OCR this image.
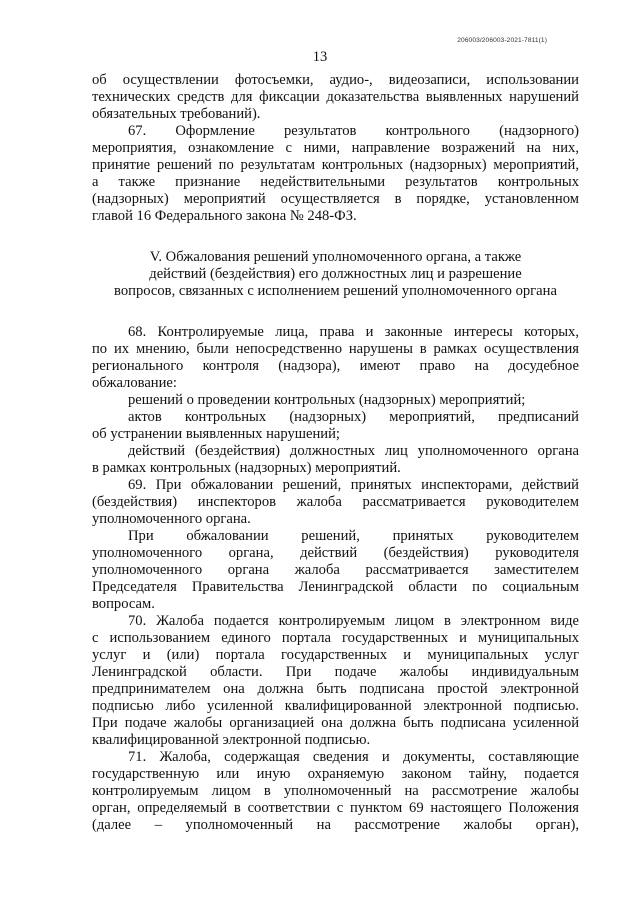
206003/206003-2021-7811(1)
13
об осуществлении фотосъемки, аудио-, видеозаписи, использовании
технических средств для фиксации доказательства выявленных нарушений
обязательных требований).
67. Оформление результатов контрольного (надзорного)
мероприятия, ознакомление с ними, направление возражений на них,
принятие решений по результатам контрольных (надзорных) мероприятий,
а также признание недействительными результатов контрольных
(надзорных) мероприятий осуществляется в порядке, установленном
главой 16 Федерального закона № 248-ФЗ.
V. Обжалования решений уполномоченного органа, а также
действий (бездействия) его должностных лиц и разрешение
вопросов, связанных с исполнением решений уполномоченного органа
68. Контролируемые лица, права и законные интересы которых,
по их мнению, были непосредственно нарушены в рамках осуществления
регионального контроля (надзора), имеют право на досудебное
обжалование:
решений о проведении контрольных (надзорных) мероприятий;
актов контрольных (надзорных) мероприятий, предписаний
об устранении выявленных нарушений;
действий (бездействия) должностных лиц уполномоченного органа
в рамках контрольных (надзорных) мероприятий.
69. При обжаловании решений, принятых инспекторами, действий
(бездействия) инспекторов жалоба рассматривается руководителем
уполномоченного органа.
При обжаловании решений, принятых руководителем
уполномоченного органа, действий (бездействия) руководителя
уполномоченного органа жалоба рассматривается заместителем
Председателя Правительства Ленинградской области по социальным
вопросам.
70. Жалоба подается контролируемым лицом в электронном виде
с использованием единого портала государственных и муниципальных
услуг и (или) портала государственных и муниципальных услуг
Ленинградской области. При подаче жалобы индивидуальным
предпринимателем она должна быть подписана простой электронной
подписью либо усиленной квалифицированной электронной подписью.
При подаче жалобы организацией она должна быть подписана усиленной
квалифицированной электронной подписью.
71. Жалоба, содержащая сведения и документы, составляющие
государственную или иную охраняемую законом тайну, подается
контролируемым лицом в уполномоченный на рассмотрение жалобы
орган, определяемый в соответствии с пунктом 69 настоящего Положения
(далее – уполномоченный на рассмотрение жалобы орган),
